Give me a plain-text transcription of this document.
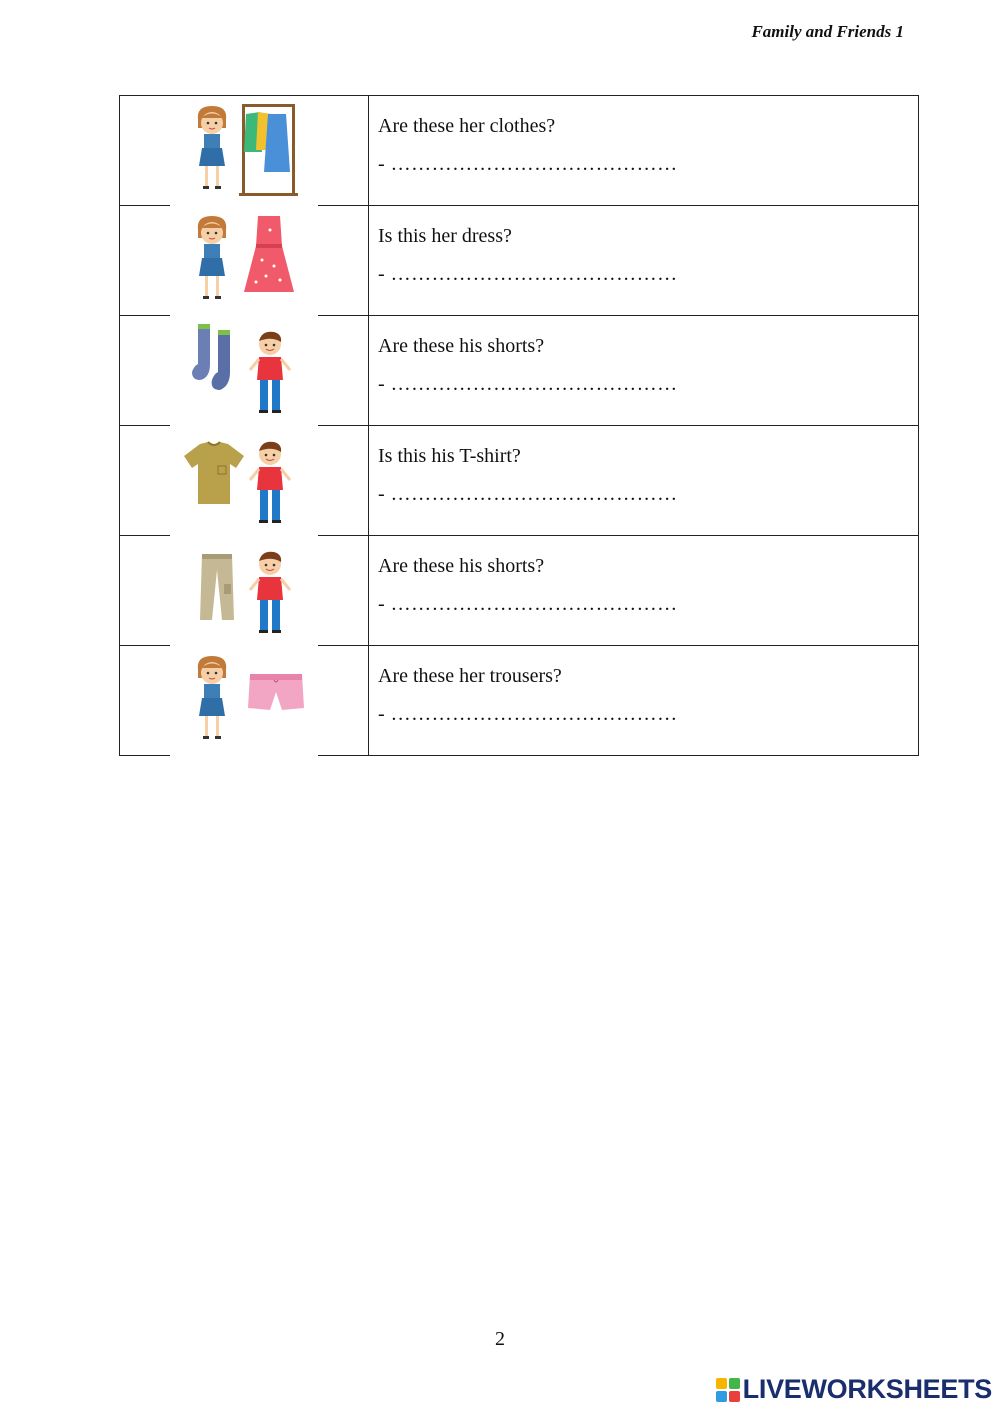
Family and Friends 1

Are these her clothes?
- ……………………………………

Is this her dress?
- ……………………………………

Are these his shorts?
- ……………………………………

Is this his T-shirt?
- ……………………………………

Are these his shorts?
- ……………………………………

Are these her trousers?
- ……………………………………
2
LIVEWORKSHEETS
